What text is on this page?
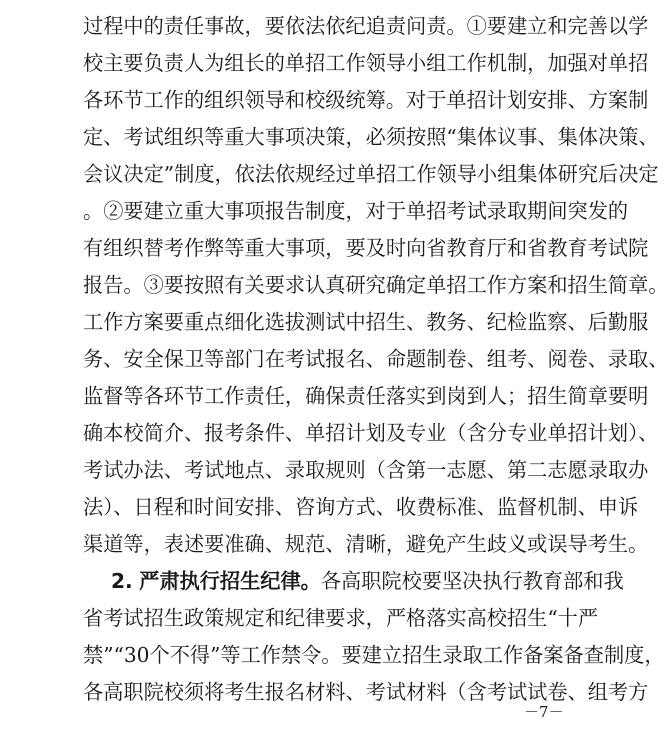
过程中的责任事故，要依法依纪追责问责。①要建立和完善以学
校主要负责人为组长的单招工作领导小组工作机制，加强对单招
各环节工作的组织领导和校级统筹。对于单招计划安排、方案制
定、考试组织等重大事项决策，必须按照“集体议事、集体决策、
会议决定”制度，依法依规经过单招工作领导小组集体研究后决定
。②要建立重大事项报告制度，对于单招考试录取期间突发的
有组织替考作弊等重大事项，要及时向省教育厅和省教育考试院
报告。③要按照有关要求认真研究确定单招工作方案和招生简章。
工作方案要重点细化选拔测试中招生、教务、纪检监察、后勤服
务、安全保卫等部门在考试报名、命题制卷、组考、阅卷、录取、
监督等各环节工作责任，确保责任落实到岗到人；招生简章要明
确本校简介、报考条件、单招计划及专业（含分专业单招计划）、
考试办法、考试地点、录取规则（含第一志愿、第二志愿录取办
法）、日程和时间安排、咨询方式、收费标准、监督机制、申诉
渠道等，表述要准确、规范、清晰，避免产生歧义或误导考生。
2. 严肃执行招生纪律。各高职院校要坚决执行教育部和我
省考试招生政策规定和纪律要求，严格落实高校招生“十严
禁”“30个不得”等工作禁令。要建立招生录取工作备案备查制度，
各高职院校须将考生报名材料、考试材料（含考试试卷、组考方
－7－
